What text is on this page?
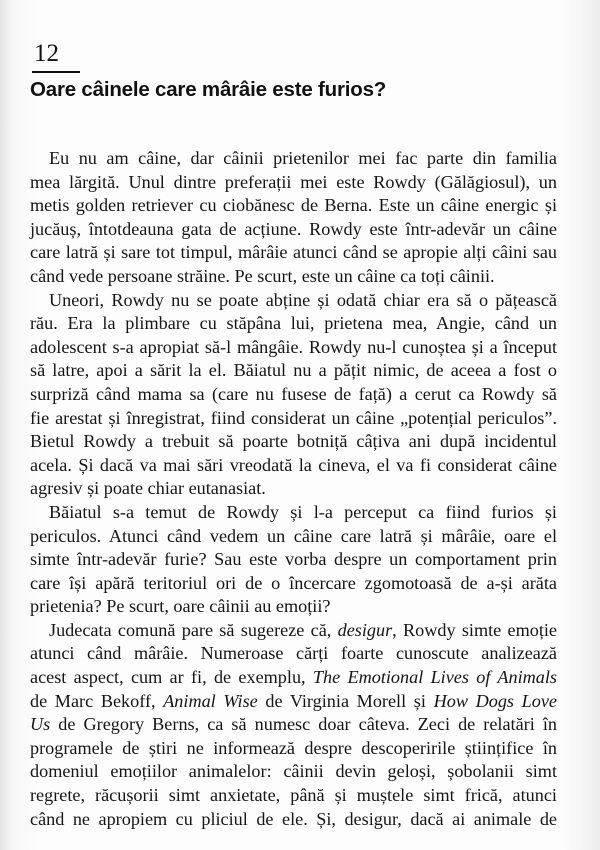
12
Oare câinele care mârâie este furios?
Eu nu am câine, dar câinii prietenilor mei fac parte din familia
mea lărgită. Unul dintre preferații mei este Rowdy (Gălăgiosul), un
metis golden retriever cu ciobănesc de Berna. Este un câine energic și
jucăuș, întotdeauna gata de acțiune. Rowdy este într-adevăr un câine
care latră și sare tot timpul, mârâie atunci când se apropie alți câini sau
când vede persoane străine. Pe scurt, este un câine ca toți câinii.
Uneori, Rowdy nu se poate abține și odată chiar era să o pățească
rău. Era la plimbare cu stăpâna lui, prietena mea, Angie, când un
adolescent s-a apropiat să-l mângâie. Rowdy nu-l cunoștea și a început
să latre, apoi a sărit la el. Băiatul nu a pățit nimic, de aceea a fost o
surpriză când mama sa (care nu fusese de față) a cerut ca Rowdy să
fie arestat și înregistrat, fiind considerat un câine „potențial periculos”.
Bietul Rowdy a trebuit să poarte botniță câțiva ani după incidentul
acela. Și dacă va mai sări vreodată la cineva, el va fi considerat câine
agresiv și poate chiar eutanasiat.
Băiatul s-a temut de Rowdy și l-a perceput ca fiind furios și
periculos. Atunci când vedem un câine care latră și mârâie, oare el
simte într-adevăr furie? Sau este vorba despre un comportament prin
care își apără teritoriul ori de o încercare zgomotoasă de a-și arăta
prietenia? Pe scurt, oare câinii au emoții?
Judecata comună pare să sugereze că, desigur, Rowdy simte emoție
atunci când mârâie. Numeroase cărți foarte cunoscute analizează
acest aspect, cum ar fi, de exemplu, The Emotional Lives of Animals
de Marc Bekoff, Animal Wise de Virginia Morell și How Dogs Love
Us de Gregory Berns, ca să numesc doar câteva. Zeci de relatări în
programele de știri ne informează despre descoperirile științifice în
domeniul emoțiilor animalelor: câinii devin geloși, șobolanii simt
regrete, răcușorii simt anxietate, până și muștele simt frică, atunci
când ne apropiem cu pliciul de ele. Și, desigur, dacă ai animale de
